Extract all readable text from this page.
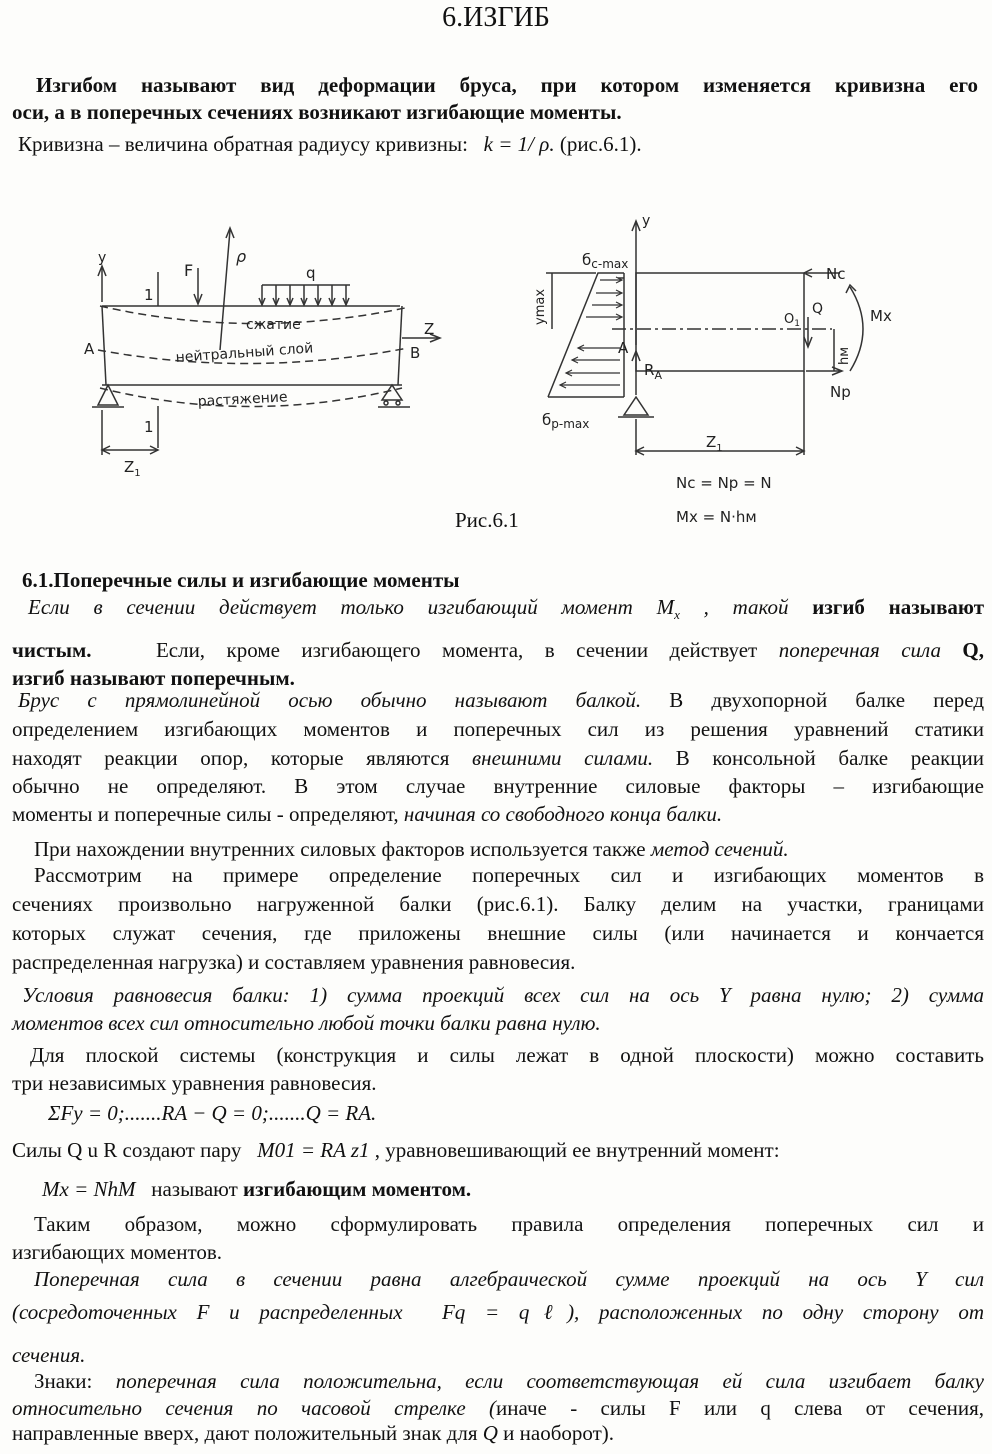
6.ИЗГИБ
Изгибом называют вид деформации бруса, при котором изменяется кривизна его
оси, а в поперечных сечениях возникают изгибающие моменты.
Кривизна – величина обратная радиусу кривизны: k = 1/ ρ. (рис.6.1).
y
1
1
F
ρ
q
сжатие
нейтральный слой
растяжение
A	B
Z
$Z_1$
y
$б_{c-max}$
$б_{p-max}$
ymax
A
$R_A$
$Z_1$
Nc
Np
Q
$O_1$
hм
Mx
Nc = Np = N
Mx = N·hм
Рис.6.1
6.1.Поперечные силы и изгибающие моменты
Если в сечении действует только изгибающий момент $M_x$ , такой изгиб называют
чистым.	Если, кроме изгибающего момента, в сечении действует поперечная сила Q,
изгиб называют поперечным.
Брус с прямолинейной осью обычно называют балкой. В двухопорной балке перед
определением изгибающих моментов и поперечных сил из решения уравнений статики
находят реакции опор, которые являются внешними силами. В консольной балке реакции
обычно не определяют. В этом случае внутренние силовые факторы – изгибающие
моменты и поперечные силы - определяют, начиная со свободного конца балки.
При нахождении внутренних силовых факторов используется также метод сечений.
Рассмотрим на примере определение поперечных сил и изгибающих моментов в
сечениях произвольно нагруженной балки (рис.6.1). Балку делим на участки, границами
которых служат сечения, где приложены внешние силы (или начинается и кончается
распределенная нагрузка) и составляем уравнения равновесия.
Условия равновесия балки: 1) сумма проекций всех сил на ось Y равна нулю; 2) сумма
моментов всех сил относительно любой точки балки равна нулю.
Для плоской системы (конструкция и силы лежат в одной плоскости) можно составить
три независимых уравнения равновесия.
ΣFy = 0;.......RA − Q = 0;.......Q = RA.
Силы Q u R создают пару M01 = RA z1 , уравновешивающий ее внутренний момент:
Mx = NhM называют изгибающим моментом.
Таким образом, можно сформулировать правила определения поперечных сил и
изгибающих моментов.
Поперечная сила в сечении равна алгебраической сумме проекций на ось Y сил
(сосредоточенных F и распределенных Fq = qℓ), расположенных по одну сторону от
сечения.
Знаки: поперечная сила положительна, если соответствующая ей сила изгибает балку
относительно сечения по часовой стрелке (иначе - силы F или q слева от сечения,
направленные вверх, дают положительный знак для Q и наоборот).
